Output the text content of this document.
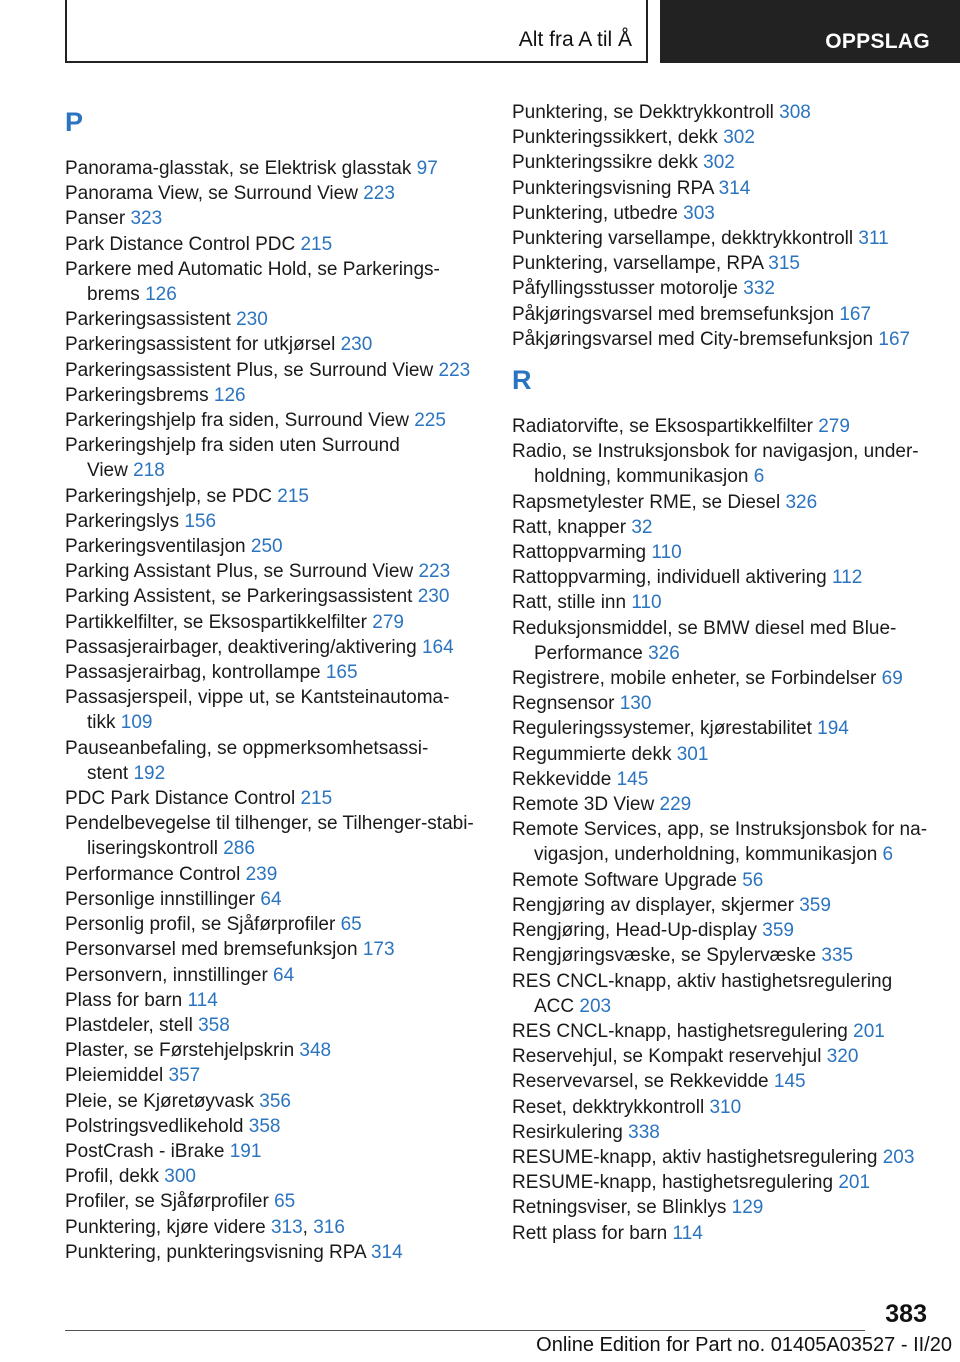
Alt fra A til Å	OPPSLAG
P
Panorama-glasstak, se Elektrisk glasstak 97
Panorama View, se Surround View 223
Panser 323
Park Distance Control PDC 215
Parkere med Automatic Hold, se Parkerings-
brems 126
Parkeringsassistent 230
Parkeringsassistent for utkjørsel 230
Parkeringsassistent Plus, se Surround View 223
Parkeringsbrems 126
Parkeringshjelp fra siden, Surround View 225
Parkeringshjelp fra siden uten Surround
View 218
Parkeringshjelp, se PDC 215
Parkeringslys 156
Parkeringsventilasjon 250
Parking Assistant Plus, se Surround View 223
Parking Assistent, se Parkeringsassistent 230
Partikkelfilter, se Eksospartikkelfilter 279
Passasjerairbager, deaktivering/aktivering 164
Passasjerairbag, kontrollampe 165
Passasjerspeil, vippe ut, se Kantsteinautoma-
tikk 109
Pauseanbefaling, se oppmerksomhetsassi-
stent 192
PDC Park Distance Control 215
Pendelbevegelse til tilhenger, se Tilhenger-stabi-
liseringskontroll 286
Performance Control 239
Personlige innstillinger 64
Personlig profil, se Sjåførprofiler 65
Personvarsel med bremsefunksjon 173
Personvern, innstillinger 64
Plass for barn 114
Plastdeler, stell 358
Plaster, se Førstehjelpskrin 348
Pleiemiddel 357
Pleie, se Kjøretøyvask 356
Polstringsvedlikehold 358
PostCrash - iBrake 191
Profil, dekk 300
Profiler, se Sjåførprofiler 65
Punktering, kjøre videre 313, 316
Punktering, punkteringsvisning RPA 314
Punktering, se Dekktrykkontroll 308
Punkteringssikkert, dekk 302
Punkteringssikre dekk 302
Punkteringsvisning RPA 314
Punktering, utbedre 303
Punktering varsellampe, dekktrykkontroll 311
Punktering, varsellampe, RPA 315
Påfyllingsstusser motorolje 332
Påkjøringsvarsel med bremsefunksjon 167
Påkjøringsvarsel med City-bremsefunksjon 167
R
Radiatorvifte, se Eksospartikkelfilter 279
Radio, se Instruksjonsbok for navigasjon, under-
holdning, kommunikasjon 6
Rapsmetylester RME, se Diesel 326
Ratt, knapper 32
Rattoppvarming 110
Rattoppvarming, individuell aktivering 112
Ratt, stille inn 110
Reduksjonsmiddel, se BMW diesel med Blue-
Performance 326
Registrere, mobile enheter, se Forbindelser 69
Regnsensor 130
Reguleringssystemer, kjørestabilitet 194
Regummierte dekk 301
Rekkevidde 145
Remote 3D View 229
Remote Services, app, se Instruksjonsbok for na-
vigasjon, underholdning, kommunikasjon 6
Remote Software Upgrade 56
Rengjøring av displayer, skjermer 359
Rengjøring, Head-Up-display 359
Rengjøringsvæske, se Spylervæske 335
RES CNCL-knapp, aktiv hastighetsregulering
ACC 203
RES CNCL-knapp, hastighetsregulering 201
Reservehjul, se Kompakt reservehjul 320
Reservevarsel, se Rekkevidde 145
Reset, dekktrykkontroll 310
Resirkulering 338
RESUME-knapp, aktiv hastighetsregulering 203
RESUME-knapp, hastighetsregulering 201
Retningsviser, se Blinklys 129
Rett plass for barn 114
383
Online Edition for Part no. 01405A03527 - II/20
